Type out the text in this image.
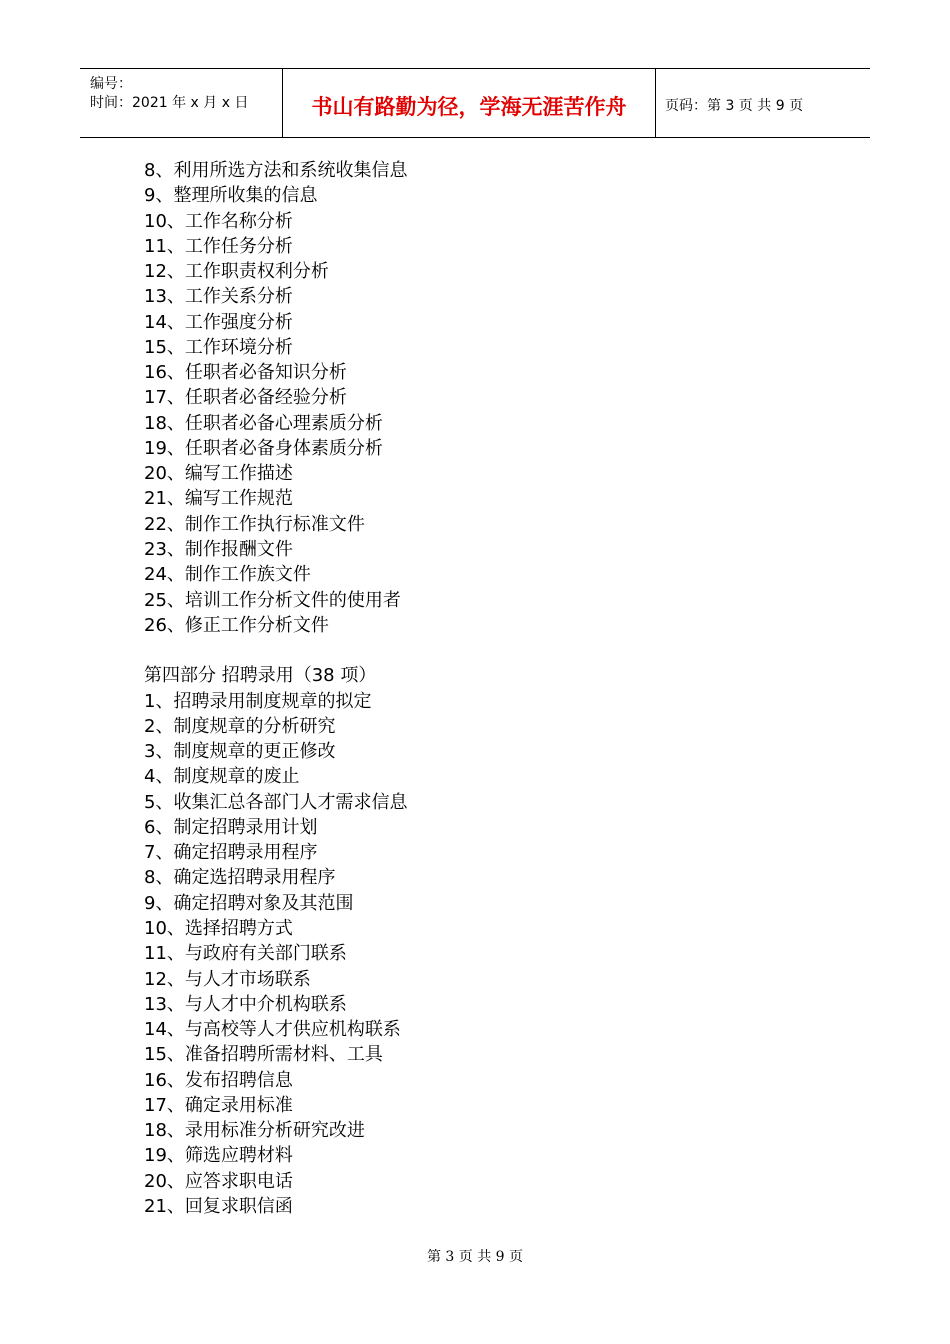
编号：
时间：2021 年 x 月 x 日	书山有路勤为径，学海无涯苦作舟	页码：第 3 页 共 9 页
8、利用所选方法和系统收集信息
9、整理所收集的信息
10、工作名称分析
11、工作任务分析
12、工作职责权利分析
13、工作关系分析
14、工作强度分析
15、工作环境分析
16、任职者必备知识分析
17、任职者必备经验分析
18、任职者必备心理素质分析
19、任职者必备身体素质分析
20、编写工作描述
21、编写工作规范
22、制作工作执行标准文件
23、制作报酬文件
24、制作工作族文件
25、培训工作分析文件的使用者
26、修正工作分析文件
第四部分 招聘录用（38 项）
1、招聘录用制度规章的拟定
2、制度规章的分析研究
3、制度规章的更正修改
4、制度规章的废止
5、收集汇总各部门人才需求信息
6、制定招聘录用计划
7、确定招聘录用程序
8、确定选招聘录用程序
9、确定招聘对象及其范围
10、选择招聘方式
11、与政府有关部门联系
12、与人才市场联系
13、与人才中介机构联系
14、与高校等人才供应机构联系
15、准备招聘所需材料、工具
16、发布招聘信息
17、确定录用标准
18、录用标准分析研究改进
19、筛选应聘材料
20、应答求职电话
21、回复求职信函
第 3 页 共 9 页
